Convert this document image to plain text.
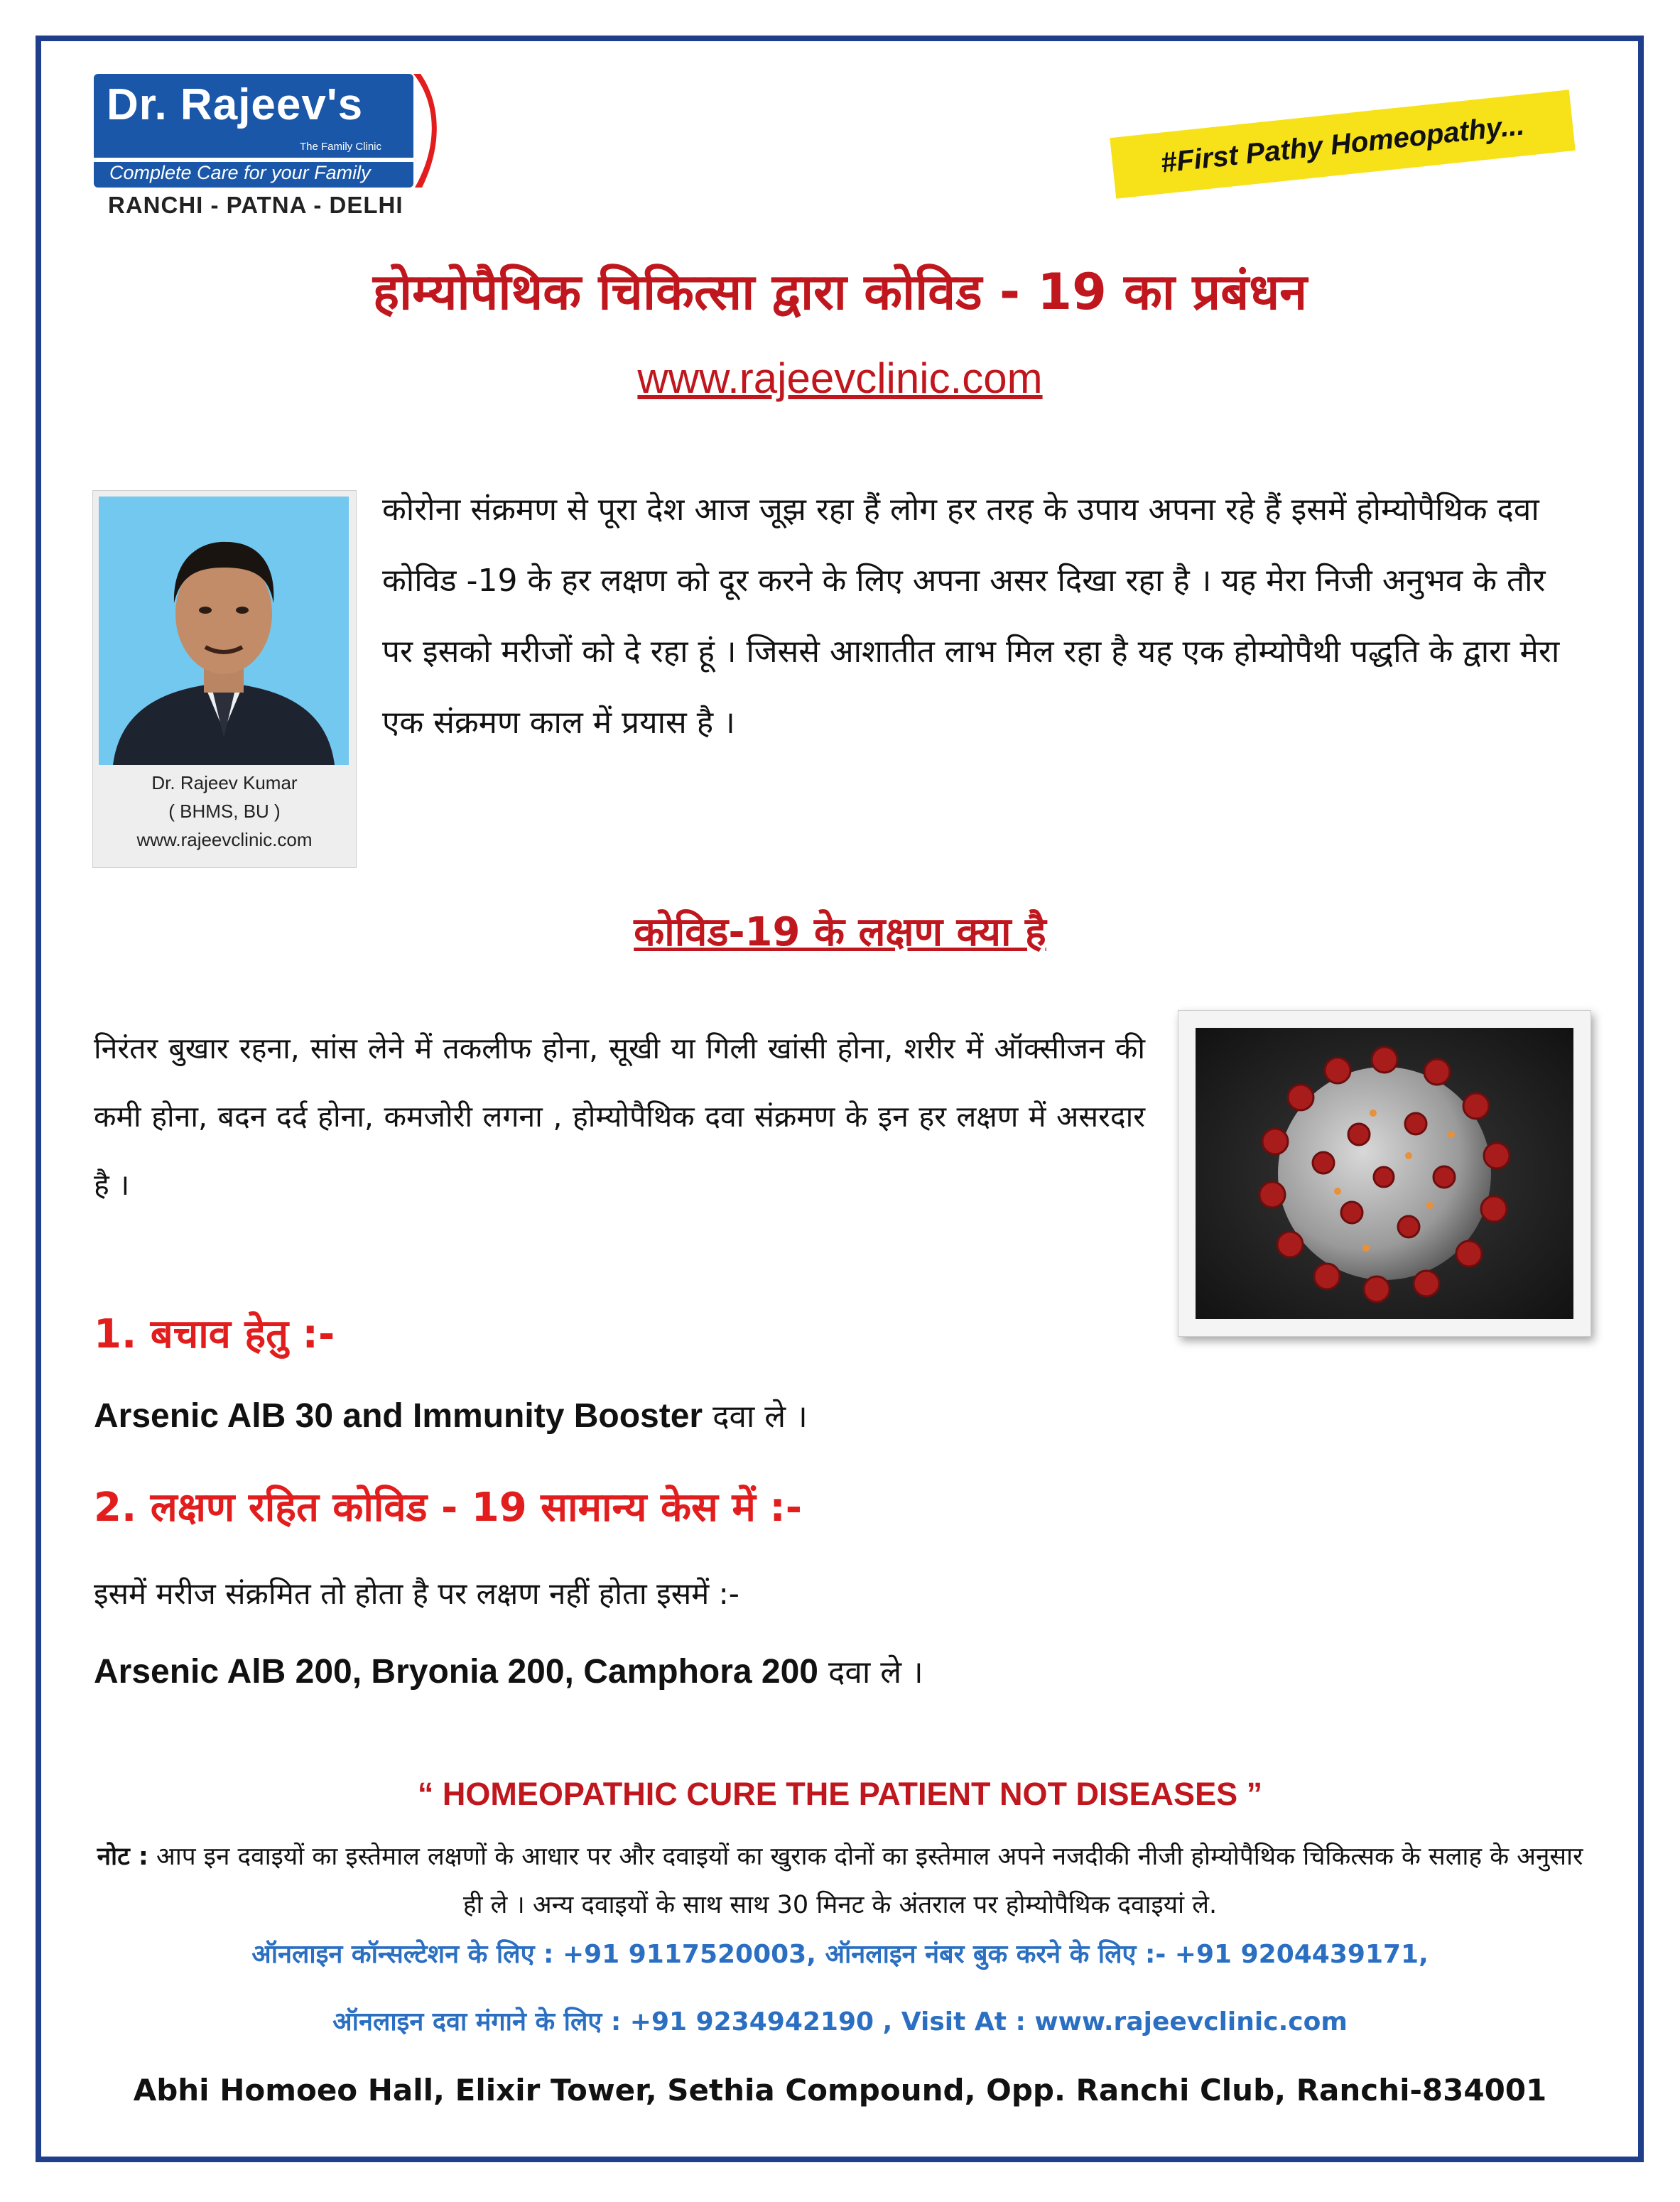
Dr. Rajeev's
The Family Clinic
Complete Care for your Family
RANCHI - PATNA - DELHI
#First Pathy Homeopathy...
होम्योपैथिक चिकित्सा द्वारा कोविड - 19 का प्रबंधन
www.rajeevclinic.com
Dr. Rajeev Kumar
( BHMS, BU )
www.rajeevclinic.com
कोरोना संक्रमण से पूरा देश आज जूझ रहा हैं लोग हर तरह के उपाय अपना रहे हैं इसमें होम्योपैथिक दवा कोविड -19 के हर लक्षण को दूर करने के लिए अपना असर दिखा रहा है । यह मेरा निजी अनुभव के तौर पर इसको मरीजों को दे रहा हूं । जिससे आशातीत लाभ मिल रहा है यह एक होम्योपैथी पद्धति के द्वारा मेरा एक संक्रमण काल में प्रयास है ।
कोविड-19 के लक्षण क्या है
निरंतर बुखार रहना, सांस लेने में तकलीफ होना, सूखी या गिली खांसी होना, शरीर में ऑक्सीजन की कमी होना, बदन दर्द होना, कमजोरी लगना , होम्योपैथिक दवा संक्रमण के इन हर लक्षण में असरदार है ।
1. बचाव हेतु :-
Arsenic AlB 30 and Immunity Booster दवा ले ।
2. लक्षण रहित कोविड - 19 सामान्य केस में :-
इसमें मरीज संक्रमित तो होता है पर लक्षण नहीं होता इसमें :-
Arsenic AlB 200, Bryonia 200, Camphora 200 दवा ले ।
“ HOMEOPATHIC CURE THE PATIENT NOT DISEASES ”
नोट : आप इन दवाइयों का इस्तेमाल लक्षणों के आधार पर और दवाइयों का खुराक दोनों का इस्तेमाल अपने नजदीकी नीजी होम्योपैथिक चिकित्सक के सलाह के अनुसार ही ले । अन्य दवाइयों के साथ साथ 30 मिनट के अंतराल पर होम्योपैथिक दवाइयां ले.
ऑनलाइन कॉन्सल्टेशन के लिए : +91 9117520003, ऑनलाइन नंबर बुक करने के लिए :- +91 9204439171,
ऑनलाइन दवा मंगाने के लिए : +91 9234942190 , Visit At : www.rajeevclinic.com
Abhi Homoeo Hall, Elixir Tower, Sethia Compound, Opp. Ranchi Club, Ranchi-834001
